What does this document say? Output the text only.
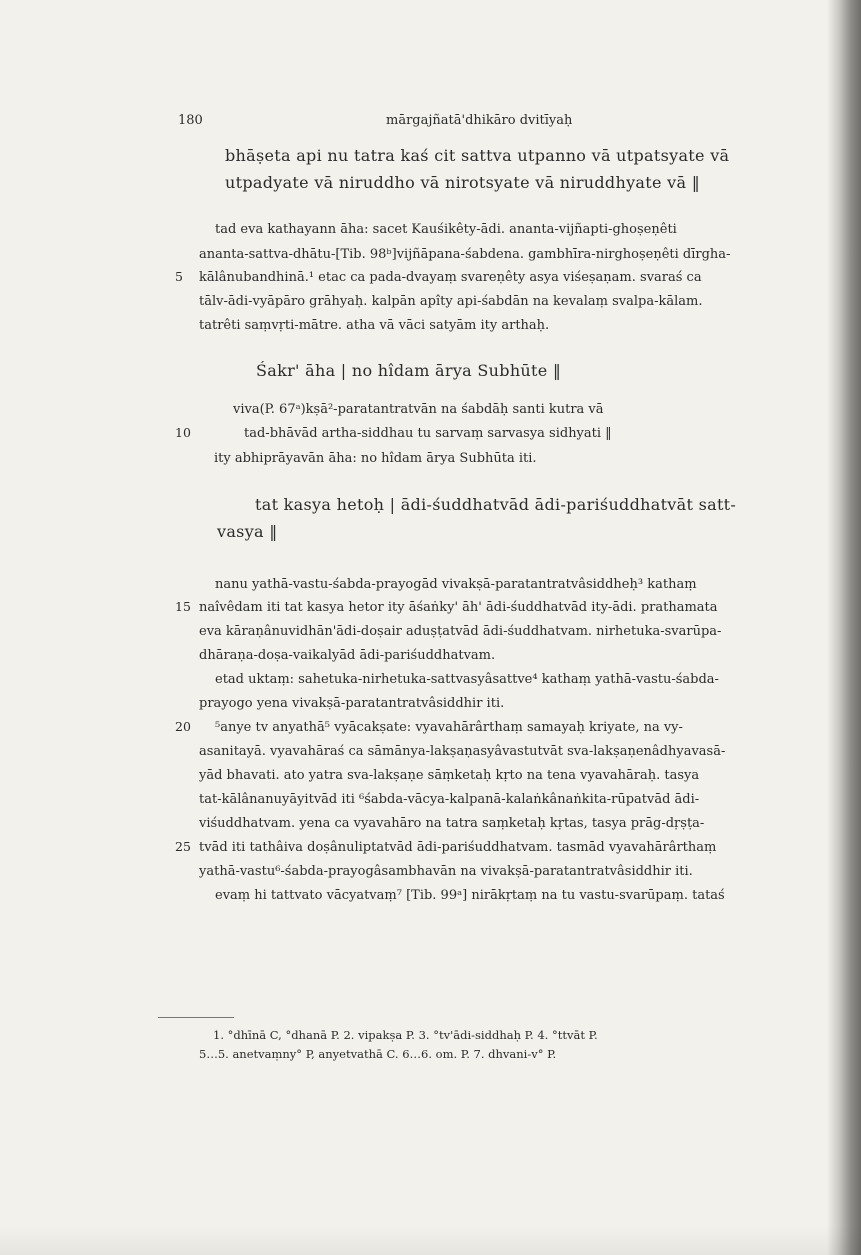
180	mārgajñatā'dhikāro dvitīyaḥ
bhāṣeta api nu tatra kaś cit sattva utpanno vā utpatsyate vā
utpadyate vā niruddho vā nirotsyate vā niruddhyate vā ‖
tad eva kathayann āha: sacet Kauśikêty-ādi. ananta-vijñapti-ghoṣeṇêti
ananta-sattva-dhātu-[Tib. 98ᵇ]vijñāpana-śabdena. gambhīra-nirghoṣeṇêti dīrgha-
5 kālânubandhinā.¹ etac ca pada-dvayaṃ svareṇêty asya viśeṣaṇam. svaraś ca
tālv-ādi-vyāpāro grāhyaḥ. kalpān apîty api-śabdān na kevalaṃ svalpa-kālam.
tatrêti saṃvṛti-mātre. atha vā vāci satyām ity arthaḥ.
Śakr' āha | no hîdam ārya Subhūte ‖
viva(P. 67ᵃ)kṣā²-paratantratvān na śabdāḥ santi kutra vā
10	tad-bhāvād artha-siddhau tu sarvaṃ sarvasya sidhyati ‖
ity abhiprāyavān āha: no hîdam ārya Subhūta iti.
tat kasya hetoḥ | ādi-śuddhatvād ādi-pariśuddhatvāt satt-
vasya ‖
nanu yathā-vastu-śabda-prayogād vivakṣā-paratantratvâsiddheḥ³ kathaṃ
15 naîvêdam iti tat kasya hetor ity āśaṅky' āh' ādi-śuddhatvād ity-ādi. prathamata
eva kāraṇânuvidhān'ādi-doṣair aduṣṭatvād ādi-śuddhatvam. nirhetuka-svarūpa-
dhāraṇa-doṣa-vaikalyād ādi-pariśuddhatvam.
etad uktaṃ: sahetuka-nirhetuka-sattvasyâsattve⁴ kathaṃ yathā-vastu-śabda-
prayogo yena vivakṣā-paratantratvâsiddhir iti.
20 ⁵anye tv anyathā⁵ vyācakṣate: vyavahārârthaṃ samayaḥ kriyate, na vy-
asanitayā. vyavahāraś ca sāmānya-lakṣaṇasyâvastutvāt sva-lakṣaṇenâdhyavasā-
yād bhavati. ato yatra sva-lakṣaṇe sāṃketaḥ kṛto na tena vyavahāraḥ. tasya
tat-kālânanuyāyitvād iti ⁶śabda-vācya-kalpanā-kalaṅkânaṅkita-rūpatvād ādi-
viśuddhatvam. yena ca vyavahāro na tatra saṃketaḥ kṛtas, tasya prāg-dṛṣṭa-
25 tvād iti tathâiva doṣânuliptatvād ādi-pariśuddhatvam. tasmād vyavahārârthaṃ
yathā-vastu⁶-śabda-prayogâsambhavān na vivakṣā-paratantratvâsiddhir iti.
evaṃ hi tattvato vācyatvaṃ⁷ [Tib. 99ᵃ] nirākṛtaṃ na tu vastu-svarūpaṃ. tataś
1. °dhīnā C, °dhanā P. 2. vipakṣa P. 3. °tv'ādi-siddhaḥ P. 4. °ttvāt P.
5…5. anetvaṃny° P, anyetvathā C. 6…6. om. P. 7. dhvani-v° P.
